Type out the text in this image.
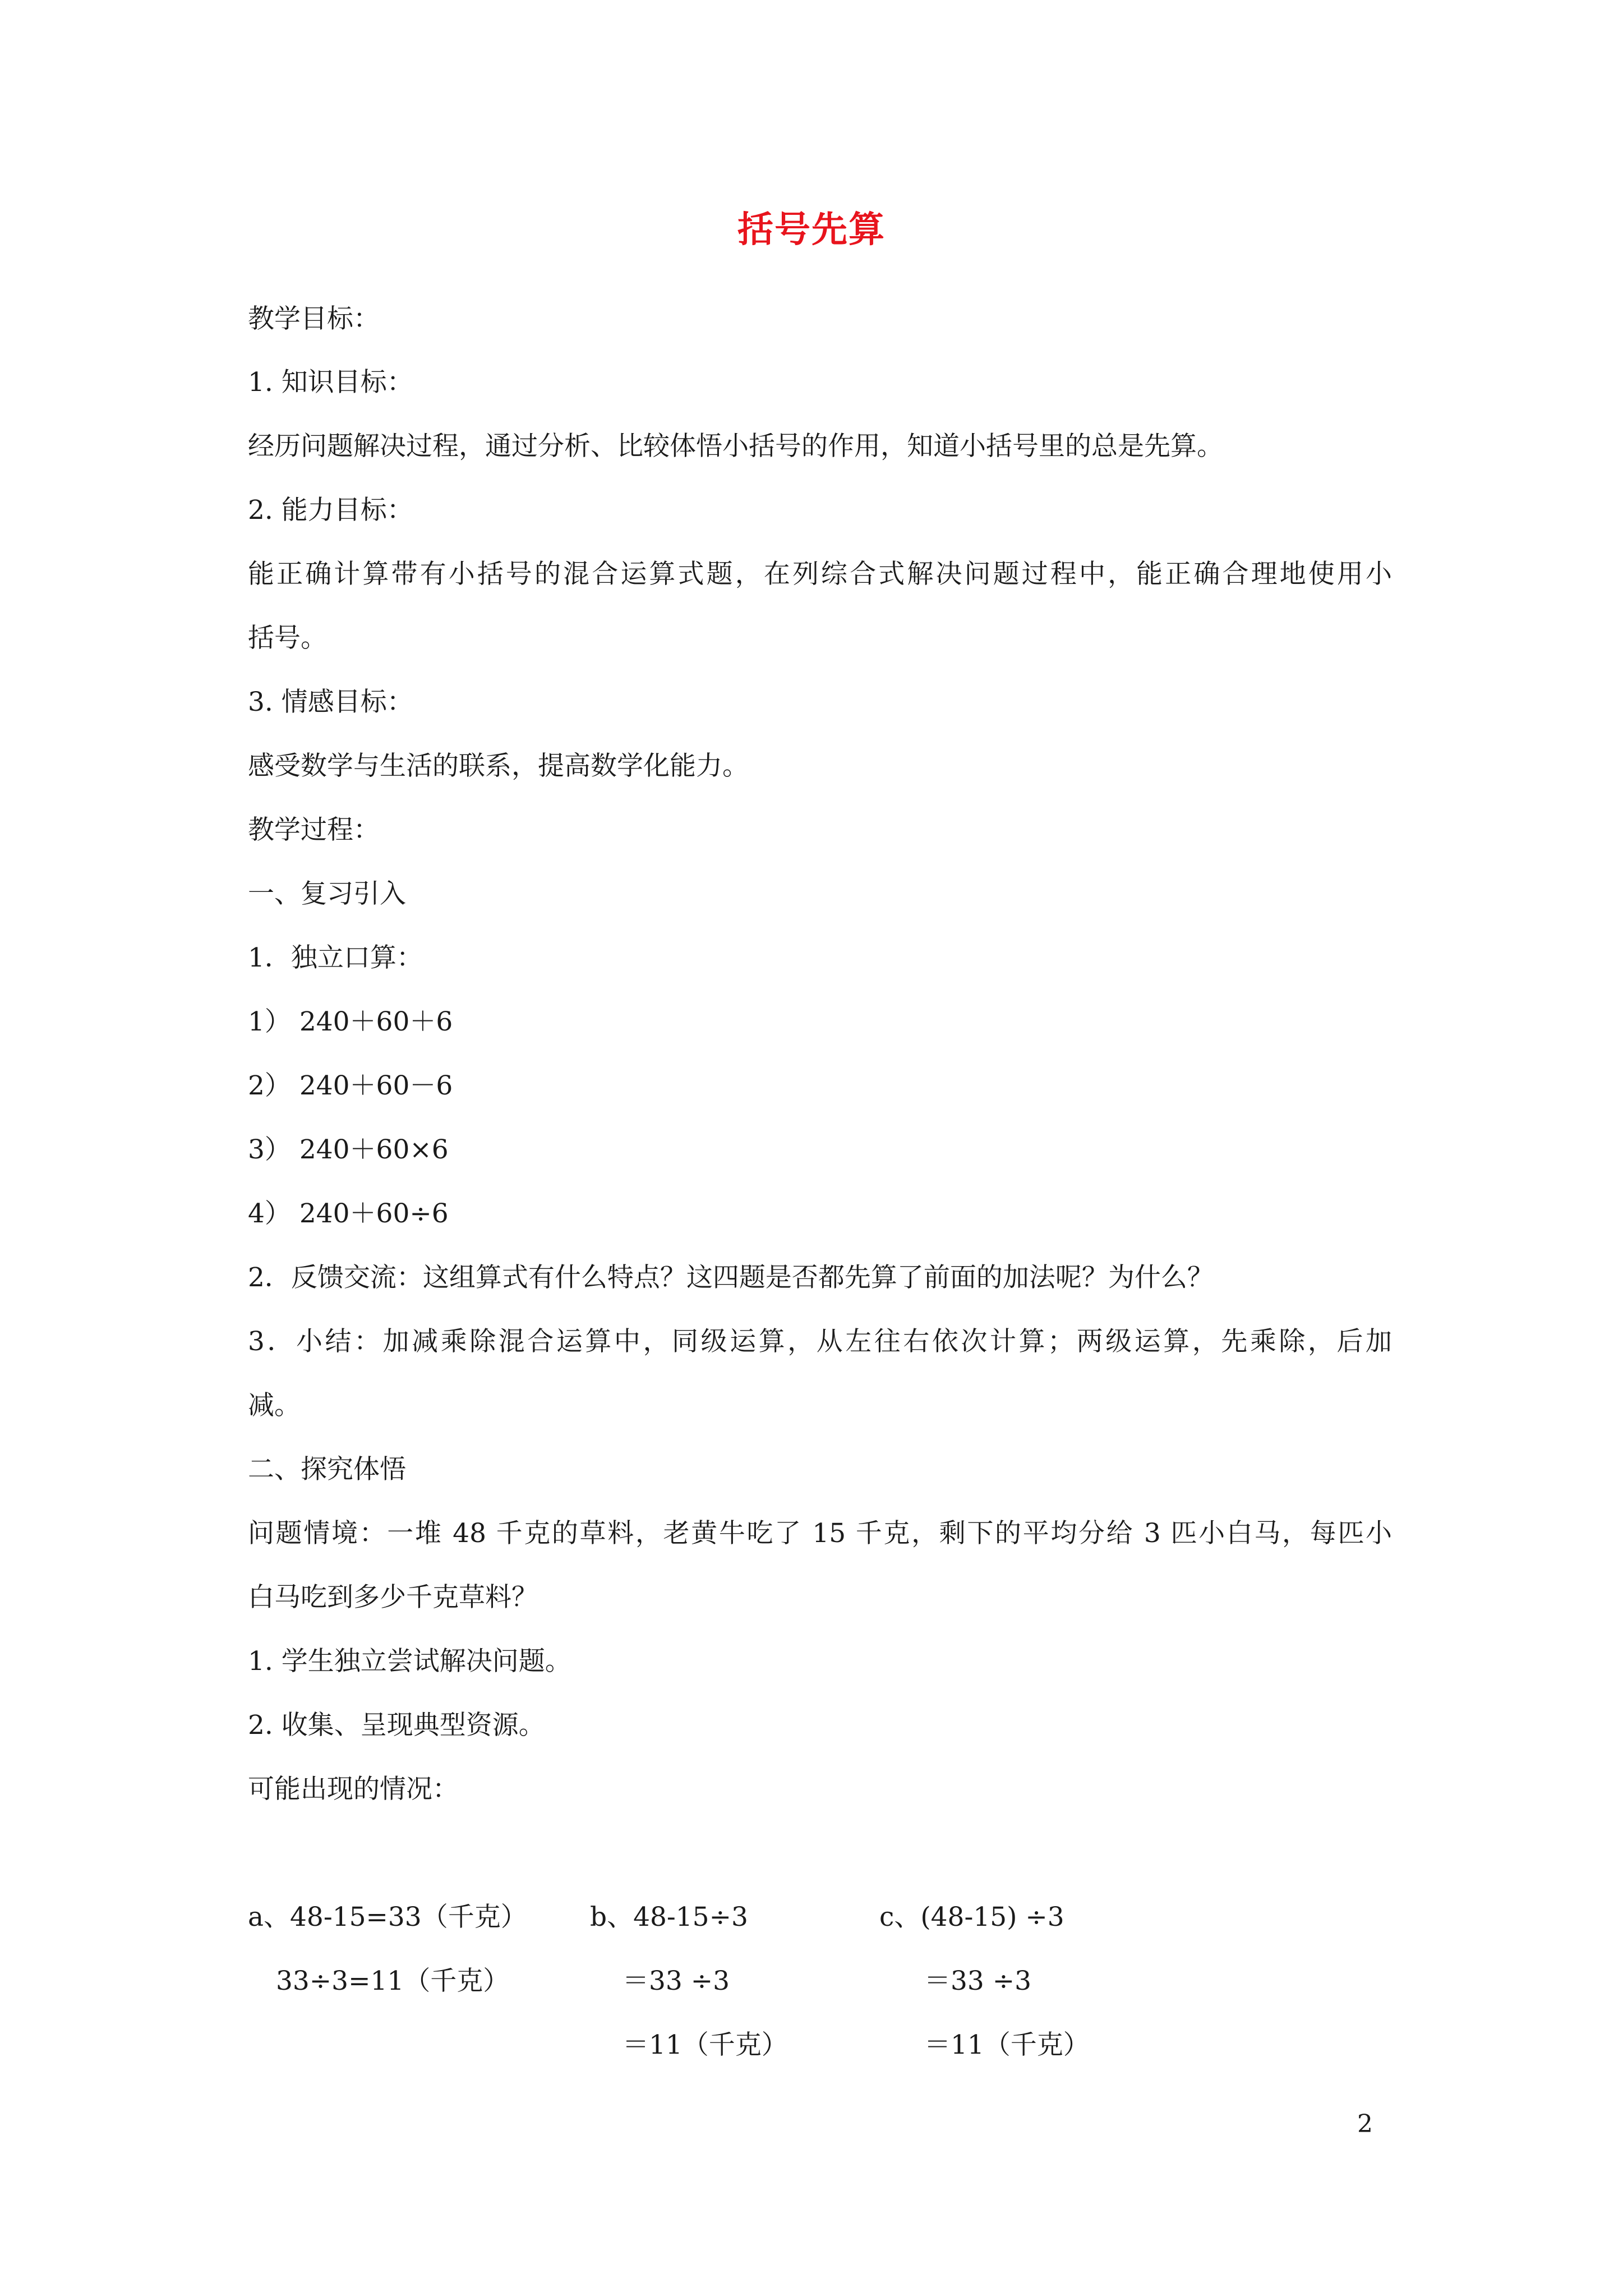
括号先算
教学目标：
1. 知识目标：
经历问题解决过程，通过分析、比较体悟小括号的作用，知道小括号里的总是先算。
2. 能力目标：
能正确计算带有小括号的混合运算式题，在列综合式解决问题过程中，能正确合理地使用小
括号。
3. 情感目标：
感受数学与生活的联系，提高数学化能力。
教学过程：
一、复习引入
1．独立口算：
1） 240＋60＋6
2） 240＋60－6
3） 240＋60×6
4） 240＋60÷6
2．反馈交流：这组算式有什么特点？这四题是否都先算了前面的加法呢？为什么？
3．小结：加减乘除混合运算中，同级运算，从左往右依次计算；两级运算，先乘除，后加
减。
二、探究体悟
问题情境：一堆 48 千克的草料，老黄牛吃了 15 千克，剩下的平均分给 3 匹小白马，每匹小
白马吃到多少千克草料？
1. 学生独立尝试解决问题。
2. 收集、呈现典型资源。
可能出现的情况：
a、48-15=33（千克）
33÷3=11（千克）
b、48-15÷3
＝33 ÷3
＝11（千克）
c、(48-15) ÷3
＝33 ÷3
＝11（千克）
2
